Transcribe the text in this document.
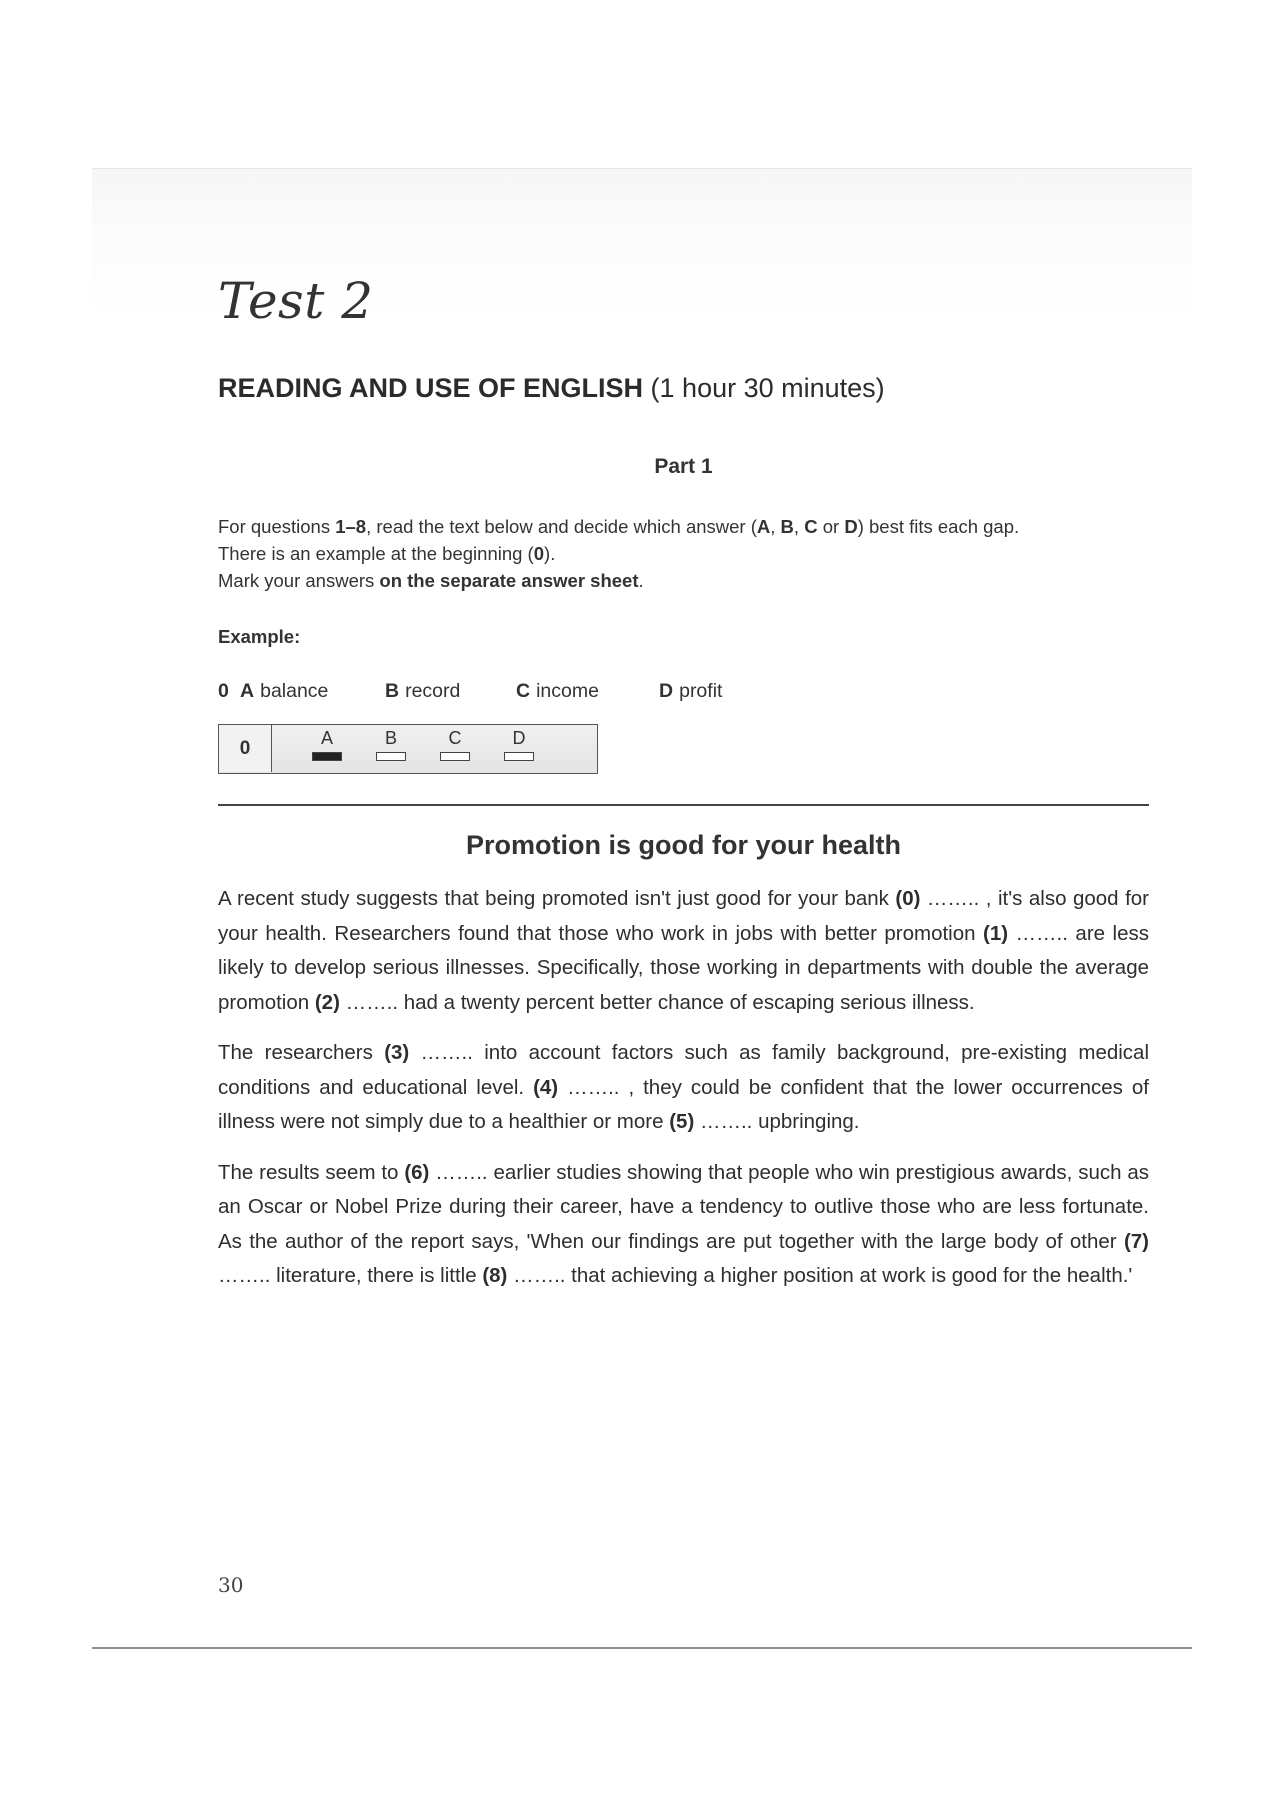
Test 2
READING AND USE OF ENGLISH (1 hour 30 minutes)
Part 1

For questions 1–8, read the text below and decide which answer (A, B, C or D) best fits each gap.

There is an example at the beginning (0).

Mark your answers on the separate answer sheet.

Example:
0 A balance	B record	C income	D profit
0	A	B	C	D
Promotion is good for your health

A recent study suggests that being promoted isn't just good for your bank (0) …….. , it's also good for your health. Researchers found that those who work in jobs with better promotion (1) …….. are less likely to develop serious illnesses. Specifically, those working in departments with double the average promotion (2) …….. had a twenty percent better chance of escaping serious illness.

The researchers (3) …….. into account factors such as family background, pre-existing medical conditions and educational level. (4) …….. , they could be confident that the lower occurrences of illness were not simply due to a healthier or more (5) …….. upbringing.

The results seem to (6) …….. earlier studies showing that people who win prestigious awards, such as an Oscar or Nobel Prize during their career, have a tendency to outlive those who are less fortunate. As the author of the report says, 'When our findings are put together with the large body of other (7) …….. literature, there is little (8) …….. that achieving a higher position at work is good for the health.'

30
